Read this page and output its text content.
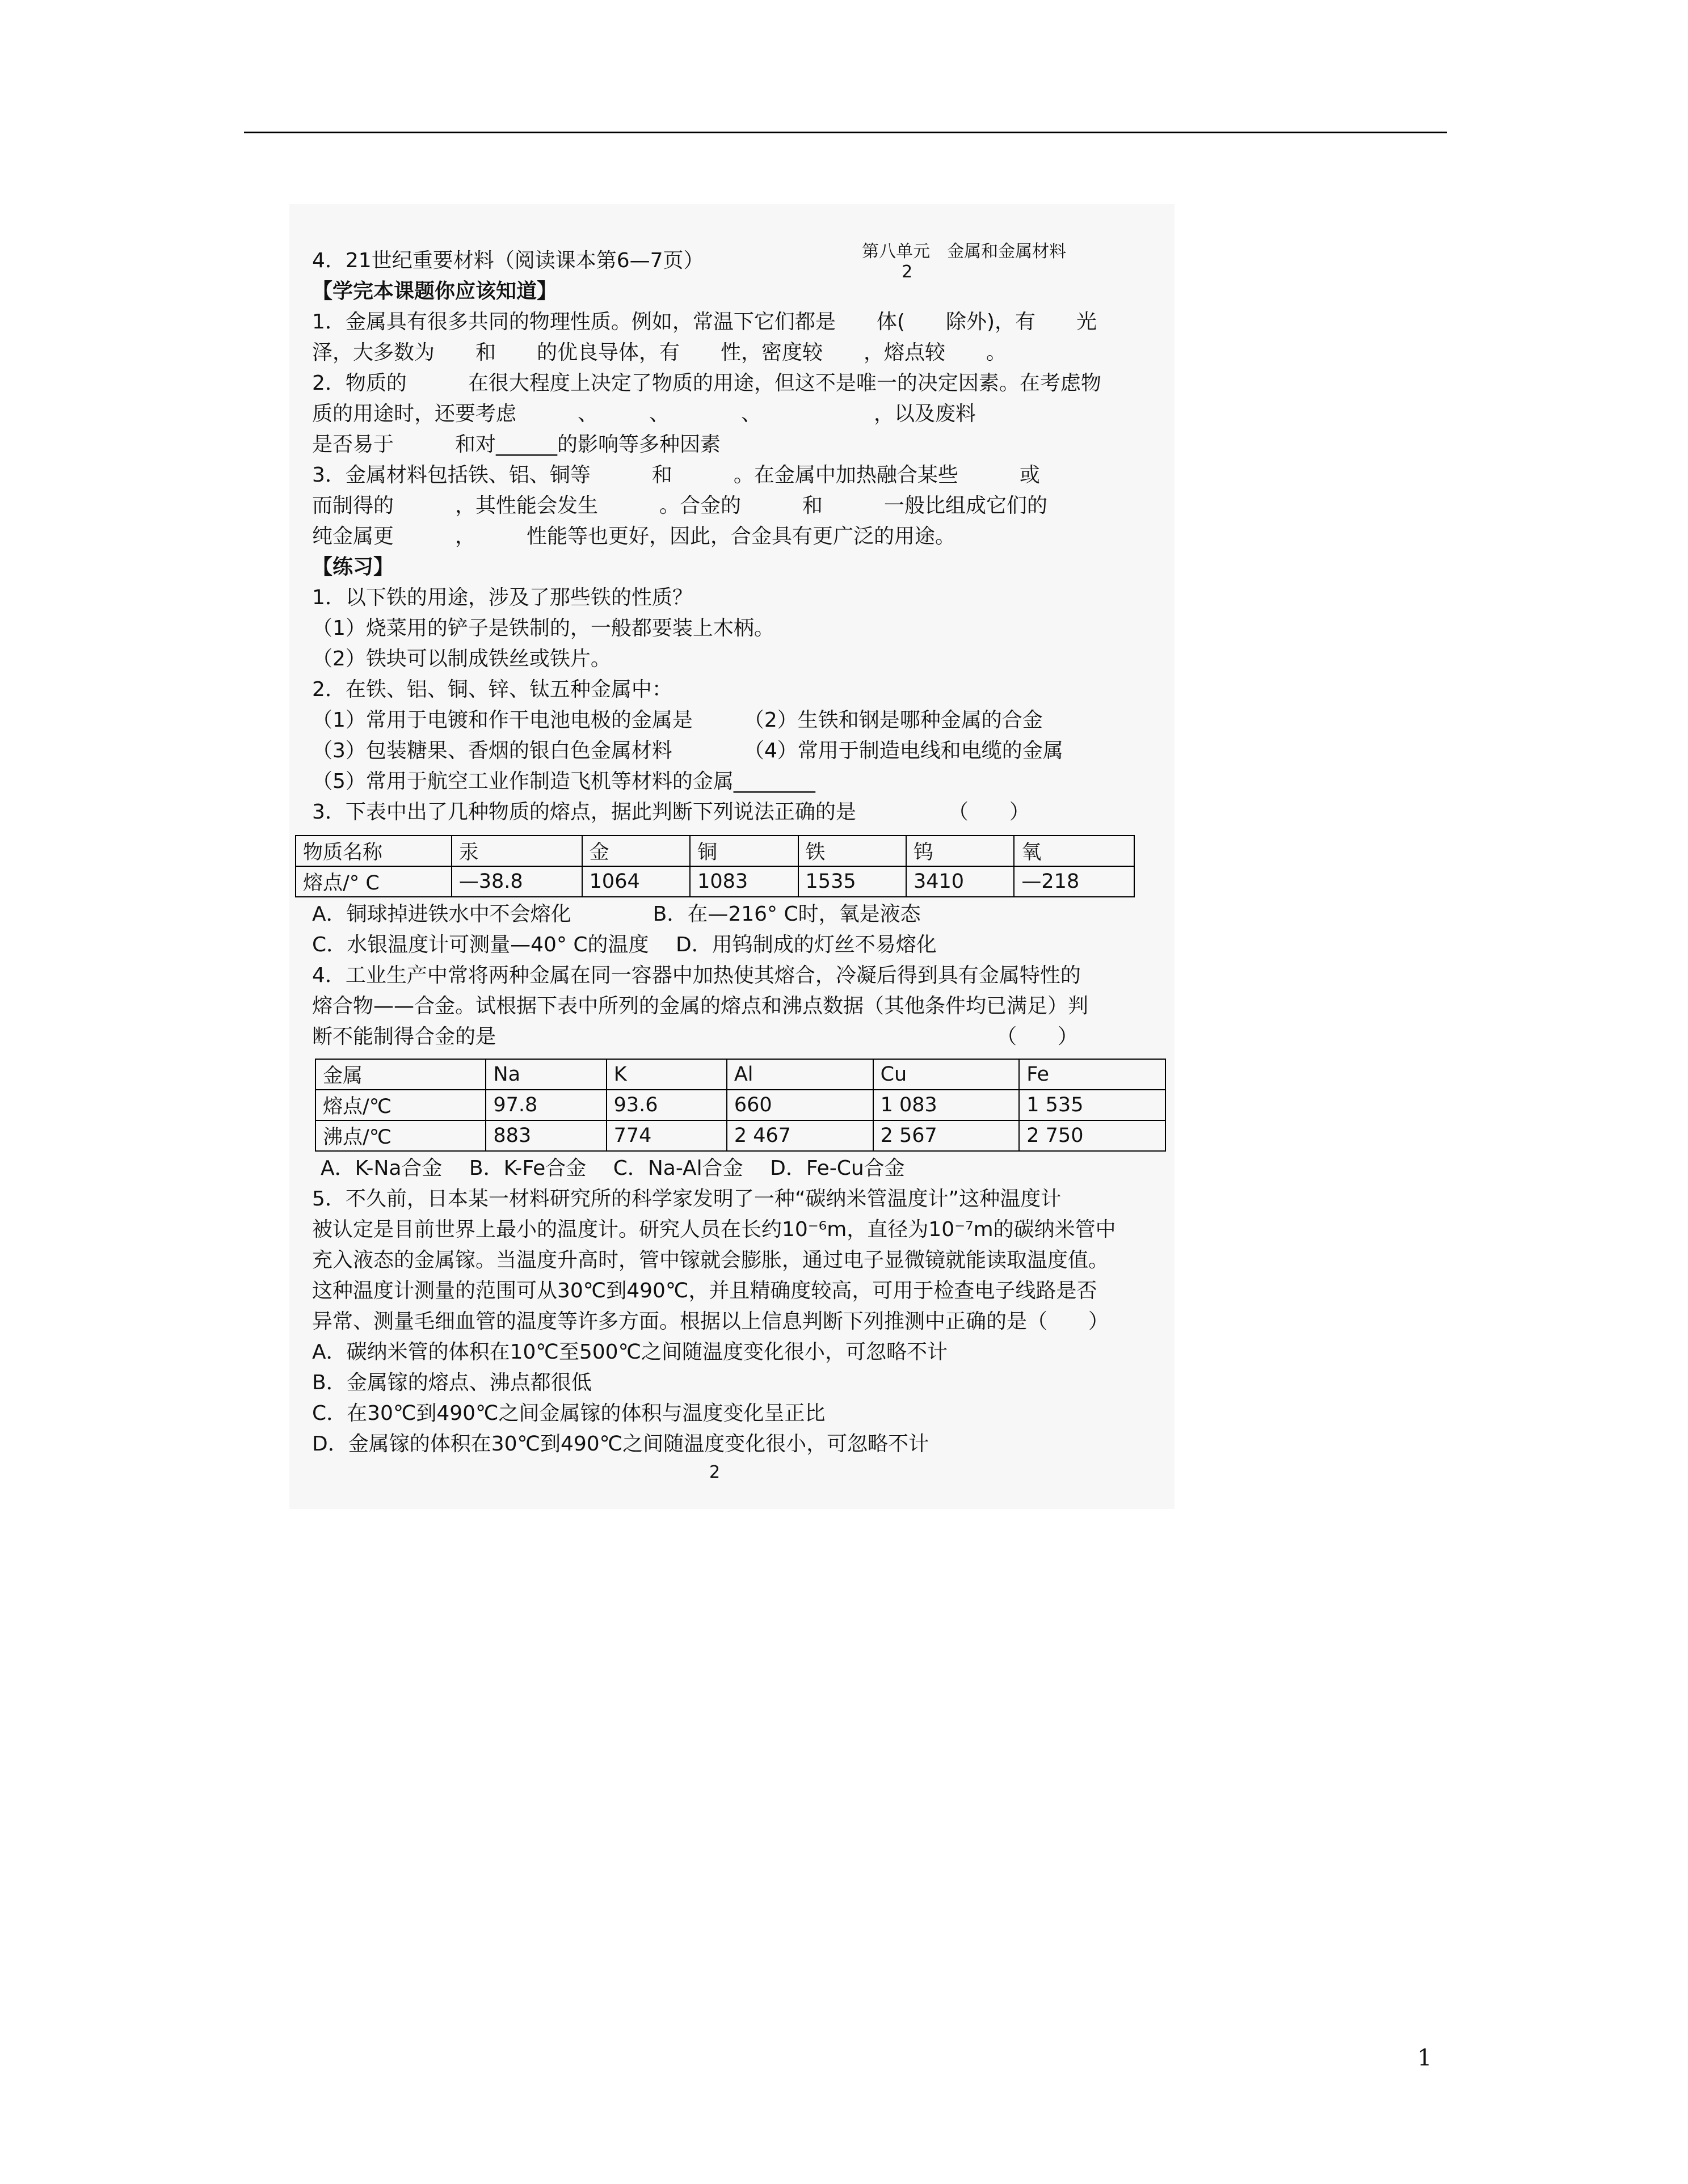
第八单元　金属和金属材料
2

4．21世纪重要材料（阅读课本第6—7页）
【学完本课题你应该知道】
1．金属具有很多共同的物理性质。例如，常温下它们都是　　体(　　除外)，有　　光
泽，大多数为　　和　　的优良导体，有　　性，密度较　　，熔点较　　。
2．物质的　　　在很大程度上决定了物质的用途，但这不是唯一的决定因素。在考虑物
质的用途时，还要考虑　　　、　　　、　　　　、　　　　　　，以及废料
是否易于　　　和对______的影响等多种因素
3．金属材料包括铁、铝、铜等　　　和　　　。在金属中加热融合某些　　　或
而制得的　　　，其性能会发生　　　。合金的　　　和　　　一般比组成它们的
纯金属更　　　，　　　性能等也更好，因此，合金具有更广泛的用途。
【练习】
1．以下铁的用途，涉及了那些铁的性质？
（1）烧菜用的铲子是铁制的，一般都要装上木柄。
（2）铁块可以制成铁丝或铁片。
2．在铁、铝、铜、锌、钛五种金属中：
（1）常用于电镀和作干电池电极的金属是　　　（2）生铁和钢是哪种金属的合金
（3）包装糖果、香烟的银白色金属材料　　　　（4）常用于制造电线和电缆的金属
（5）常用于航空工业作制造飞机等材料的金属________
3．下表中出了几种物质的熔点，据此判断下列说法正确的是　　　　　（　　）
物质名称	汞	金	铜	铁	钨	氧
熔点/° C	—38.8	1064	1083	1535	3410	—218
A．铜球掉进铁水中不会熔化　　　　B．在—216° C时，氧是液态
C．水银温度计可测量—40° C的温度　 D．用钨制成的灯丝不易熔化
4．工业生产中常将两种金属在同一容器中加热使其熔合，冷凝后得到具有金属特性的
熔合物——合金。试根据下表中所列的金属的熔点和沸点数据（其他条件均已满足）判
断不能制得合金的是　　　　　　　　　　　　　　　　　　　　　　　　　（　　）
金属	Na	K	Al	Cu	Fe
熔点/℃	97.8	93.6	660	1 083	1 535
沸点/℃	883	774	2 467	2 567	2 750
A．K-Na合金　 B．K-Fe合金　 C．Na-Al合金　 D．Fe-Cu合金
5．不久前，日本某一材料研究所的科学家发明了一种“碳纳米管温度计”这种温度计
被认定是目前世界上最小的温度计。研究人员在长约10⁻⁶m，直径为10⁻⁷m的碳纳米管中
充入液态的金属镓。当温度升高时，管中镓就会膨胀，通过电子显微镜就能读取温度值。
这种温度计测量的范围可从30℃到490℃，并且精确度较高，可用于检查电子线路是否
异常、测量毛细血管的温度等许多方面。根据以上信息判断下列推测中正确的是（　　）
A．碳纳米管的体积在10℃至500℃之间随温度变化很小，可忽略不计
B．金属镓的熔点、沸点都很低
C．在30℃到490℃之间金属镓的体积与温度变化呈正比
D．金属镓的体积在30℃到490℃之间随温度变化很小，可忽略不计
2
1
